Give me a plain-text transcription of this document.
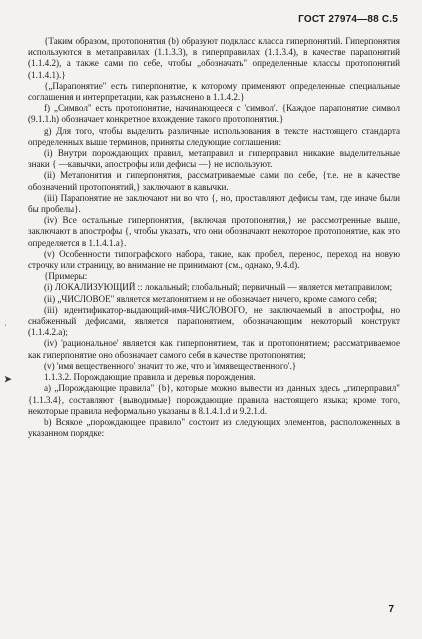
ГОСТ 27974—88 С.5

{Таким образом, протопонятия (b) образуют подкласс класса гиперпонятий. Гиперпонятия используются в метаправилах (1.1.3.3), в гиперправилах (1.1.3.4), в качестве парапонятий (1.1.4.2), а также сами по себе, чтобы „обозначать" определенные классы протопонятий (1.1.4.1).}

{„Парапонятие" есть гиперпонятие, к которому применяют определенные специальные соглашения и интерпретации, как разъяснено в 1.1.4.2.}

f) „Символ" есть протопонятие, начинающееся с 'символ'. {Каждое парапонятие символ (9.1.1.h) обозначает конкретное вхождение такого протопонятия.}

g) Для того, чтобы выделить различные использования в тексте настоящего стандарта определенных выше терминов, приняты следующие соглашения:

(i) Внутри порождающих правил, метаправил и гиперправил никакие выделительные знаки { —кавычки, апострофы или дефисы —} не используют.

(ii) Метапонятия и гиперпонятия, рассматриваемые сами по себе, {т.е. не в качестве обозначений протопонятий,} заключают в кавычки.

(iii) Парапонятие не заключают ни во что {, но, проставляют дефисы там, где иначе были бы пробелы}.

(iv) Все остальные гиперпонятия, {включая протопонятия,} не рассмотренные выше, заключают в апострофы {, чтобы указать, что они обозначают некоторое протопонятие, как это определяется в 1.1.4.1.a}.

(v) Особенности типографского набора, такие, как пробел, перенос, переход на новую строчку или страницу, во внимание не принимают (см., однако, 9.4.d).

{Примеры:

(i) ЛОКАЛИЗУЮЩИЙ :: локальный; глобальный; первичный — является метаправилом;

(ii) „ЧИСЛОВОЕ" является метапонятием и не обозначает ничего, кроме самого себя;

(iii) идентификатор-выдающий-имя-ЧИСЛОВОГО, не заключаемый в апострофы, но снабженный дефисами, является парапонятием, обозначающим некоторый конструкт (1.1.4.2.a);

(iv) 'рациональное' является как гиперпонятием, так и протопонятием; рассматриваемое как гиперпонятие оно обозначает самого себя в качестве протопонятия;

(v) 'имя вещественного' значит то же, что и 'имявещественного'.}

1.1.3.2. Порождающие правила и деревья порождения.

а) „Порождающие правила" {b}, которые можно вывести из данных здесь „гиперправил" {1.1.3.4}, составляют {выводимые} порождающие правила настоящего языка; кроме того, некоторые правила неформально указаны в 8.1.4.1.d и 9.2.1.d.

b) Всякое „порождающее правило" состоит из следующих элементов, расположенных в указанном порядке:

ˌ
➤
7
